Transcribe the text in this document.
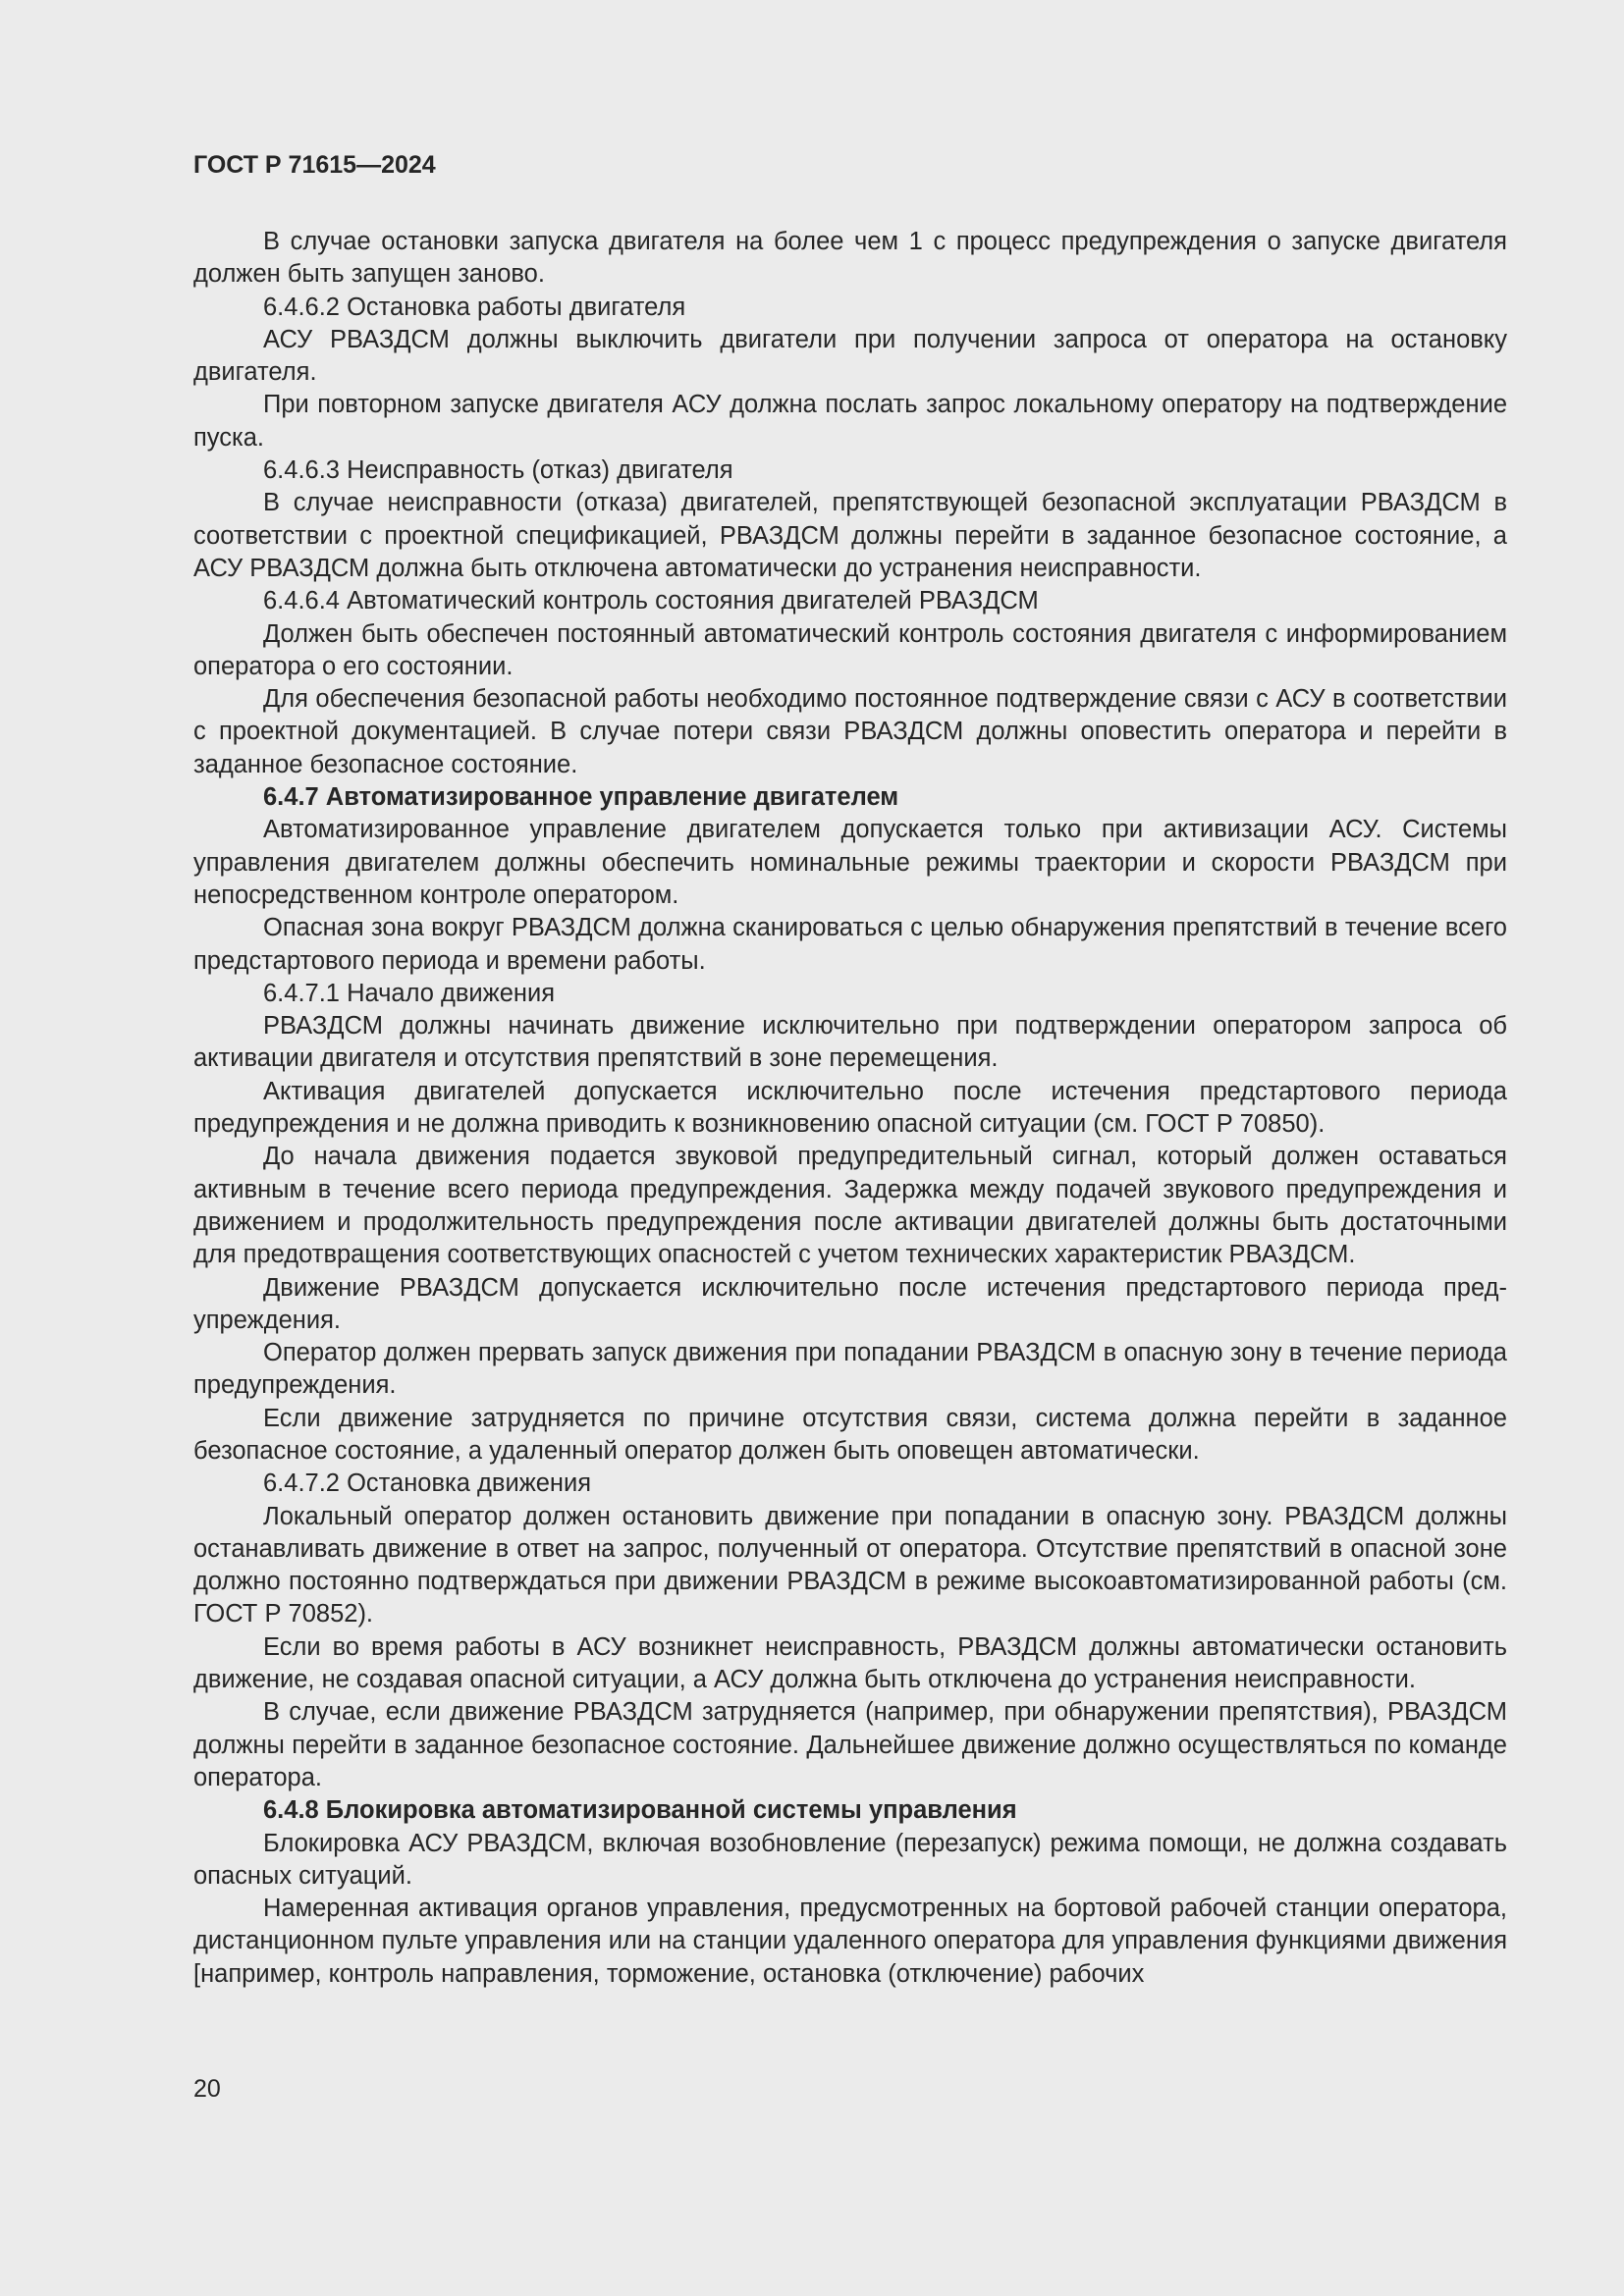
ГОСТ Р 71615—2024

В случае остановки запуска двигателя на более чем 1 с процесс предупреждения о запуске двигателя должен быть запущен заново.

6.4.6.2 Остановка работы двигателя

АСУ РВАЗДСМ должны выключить двигатели при получении запроса от оператора на остановку двигателя.

При повторном запуске двигателя АСУ должна послать запрос локальному оператору на подтверждение пуска.

6.4.6.3 Неисправность (отказ) двигателя

В случае неисправности (отказа) двигателей, препятствующей безопасной эксплуатации РВАЗДСМ в соответствии с проектной спецификацией, РВАЗДСМ должны перейти в заданное безопасное состояние, а АСУ РВАЗДСМ должна быть отключена автоматически до устранения неисправности.

6.4.6.4 Автоматический контроль состояния двигателей РВАЗДСМ

Должен быть обеспечен постоянный автоматический контроль состояния двигателя с информированием оператора о его состоянии.

Для обеспечения безопасной работы необходимо постоянное подтверждение связи с АСУ в соответствии с проектной документацией. В случае потери связи РВАЗДСМ должны оповестить оператора и перейти в заданное безопасное состояние.

6.4.7 Автоматизированное управление двигателем

Автоматизированное управление двигателем допускается только при активизации АСУ. Системы управления двигателем должны обеспечить номинальные режимы траектории и скорости РВАЗДСМ при непосредственном контроле оператором.

Опасная зона вокруг РВАЗДСМ должна сканироваться с целью обнаружения препятствий в течение всего предстартового периода и времени работы.

6.4.7.1 Начало движения

РВАЗДСМ должны начинать движение исключительно при подтверждении оператором запроса об активации двигателя и отсутствия препятствий в зоне перемещения.

Активация двигателей допускается исключительно после истечения предстартового периода предупреждения и не должна приводить к возникновению опасной ситуации (см. ГОСТ Р 70850).

До начала движения подается звуковой предупредительный сигнал, который должен оставаться активным в течение всего периода предупреждения. Задержка между подачей звукового предупреждения и движением и продолжительность предупреждения после активации двигателей должны быть достаточными для предотвращения соответствующих опасностей с учетом технических характеристик РВАЗДСМ.

Движение РВАЗДСМ допускается исключительно после истечения предстартового периода предупреждения.

Оператор должен прервать запуск движения при попадании РВАЗДСМ в опасную зону в течение периода предупреждения.

Если движение затрудняется по причине отсутствия связи, система должна перейти в заданное безопасное состояние, а удаленный оператор должен быть оповещен автоматически.

6.4.7.2 Остановка движения

Локальный оператор должен остановить движение при попадании в опасную зону. РВАЗДСМ должны останавливать движение в ответ на запрос, полученный от оператора. Отсутствие препятствий в опасной зоне должно постоянно подтверждаться при движении РВАЗДСМ в режиме высокоавтоматизированной работы (см. ГОСТ Р 70852).

Если во время работы в АСУ возникнет неисправность, РВАЗДСМ должны автоматически остановить движение, не создавая опасной ситуации, а АСУ должна быть отключена до устранения неисправности.

В случае, если движение РВАЗДСМ затрудняется (например, при обнаружении препятствия), РВАЗДСМ должны перейти в заданное безопасное состояние. Дальнейшее движение должно осуществляться по команде оператора.

6.4.8 Блокировка автоматизированной системы управления

Блокировка АСУ РВАЗДСМ, включая возобновление (перезапуск) режима помощи, не должна создавать опасных ситуаций.

Намеренная активация органов управления, предусмотренных на бортовой рабочей станции оператора, дистанционном пульте управления или на станции удаленного оператора для управления функциями движения [например, контроль направления, торможение, остановка (отключение) рабочих

20
